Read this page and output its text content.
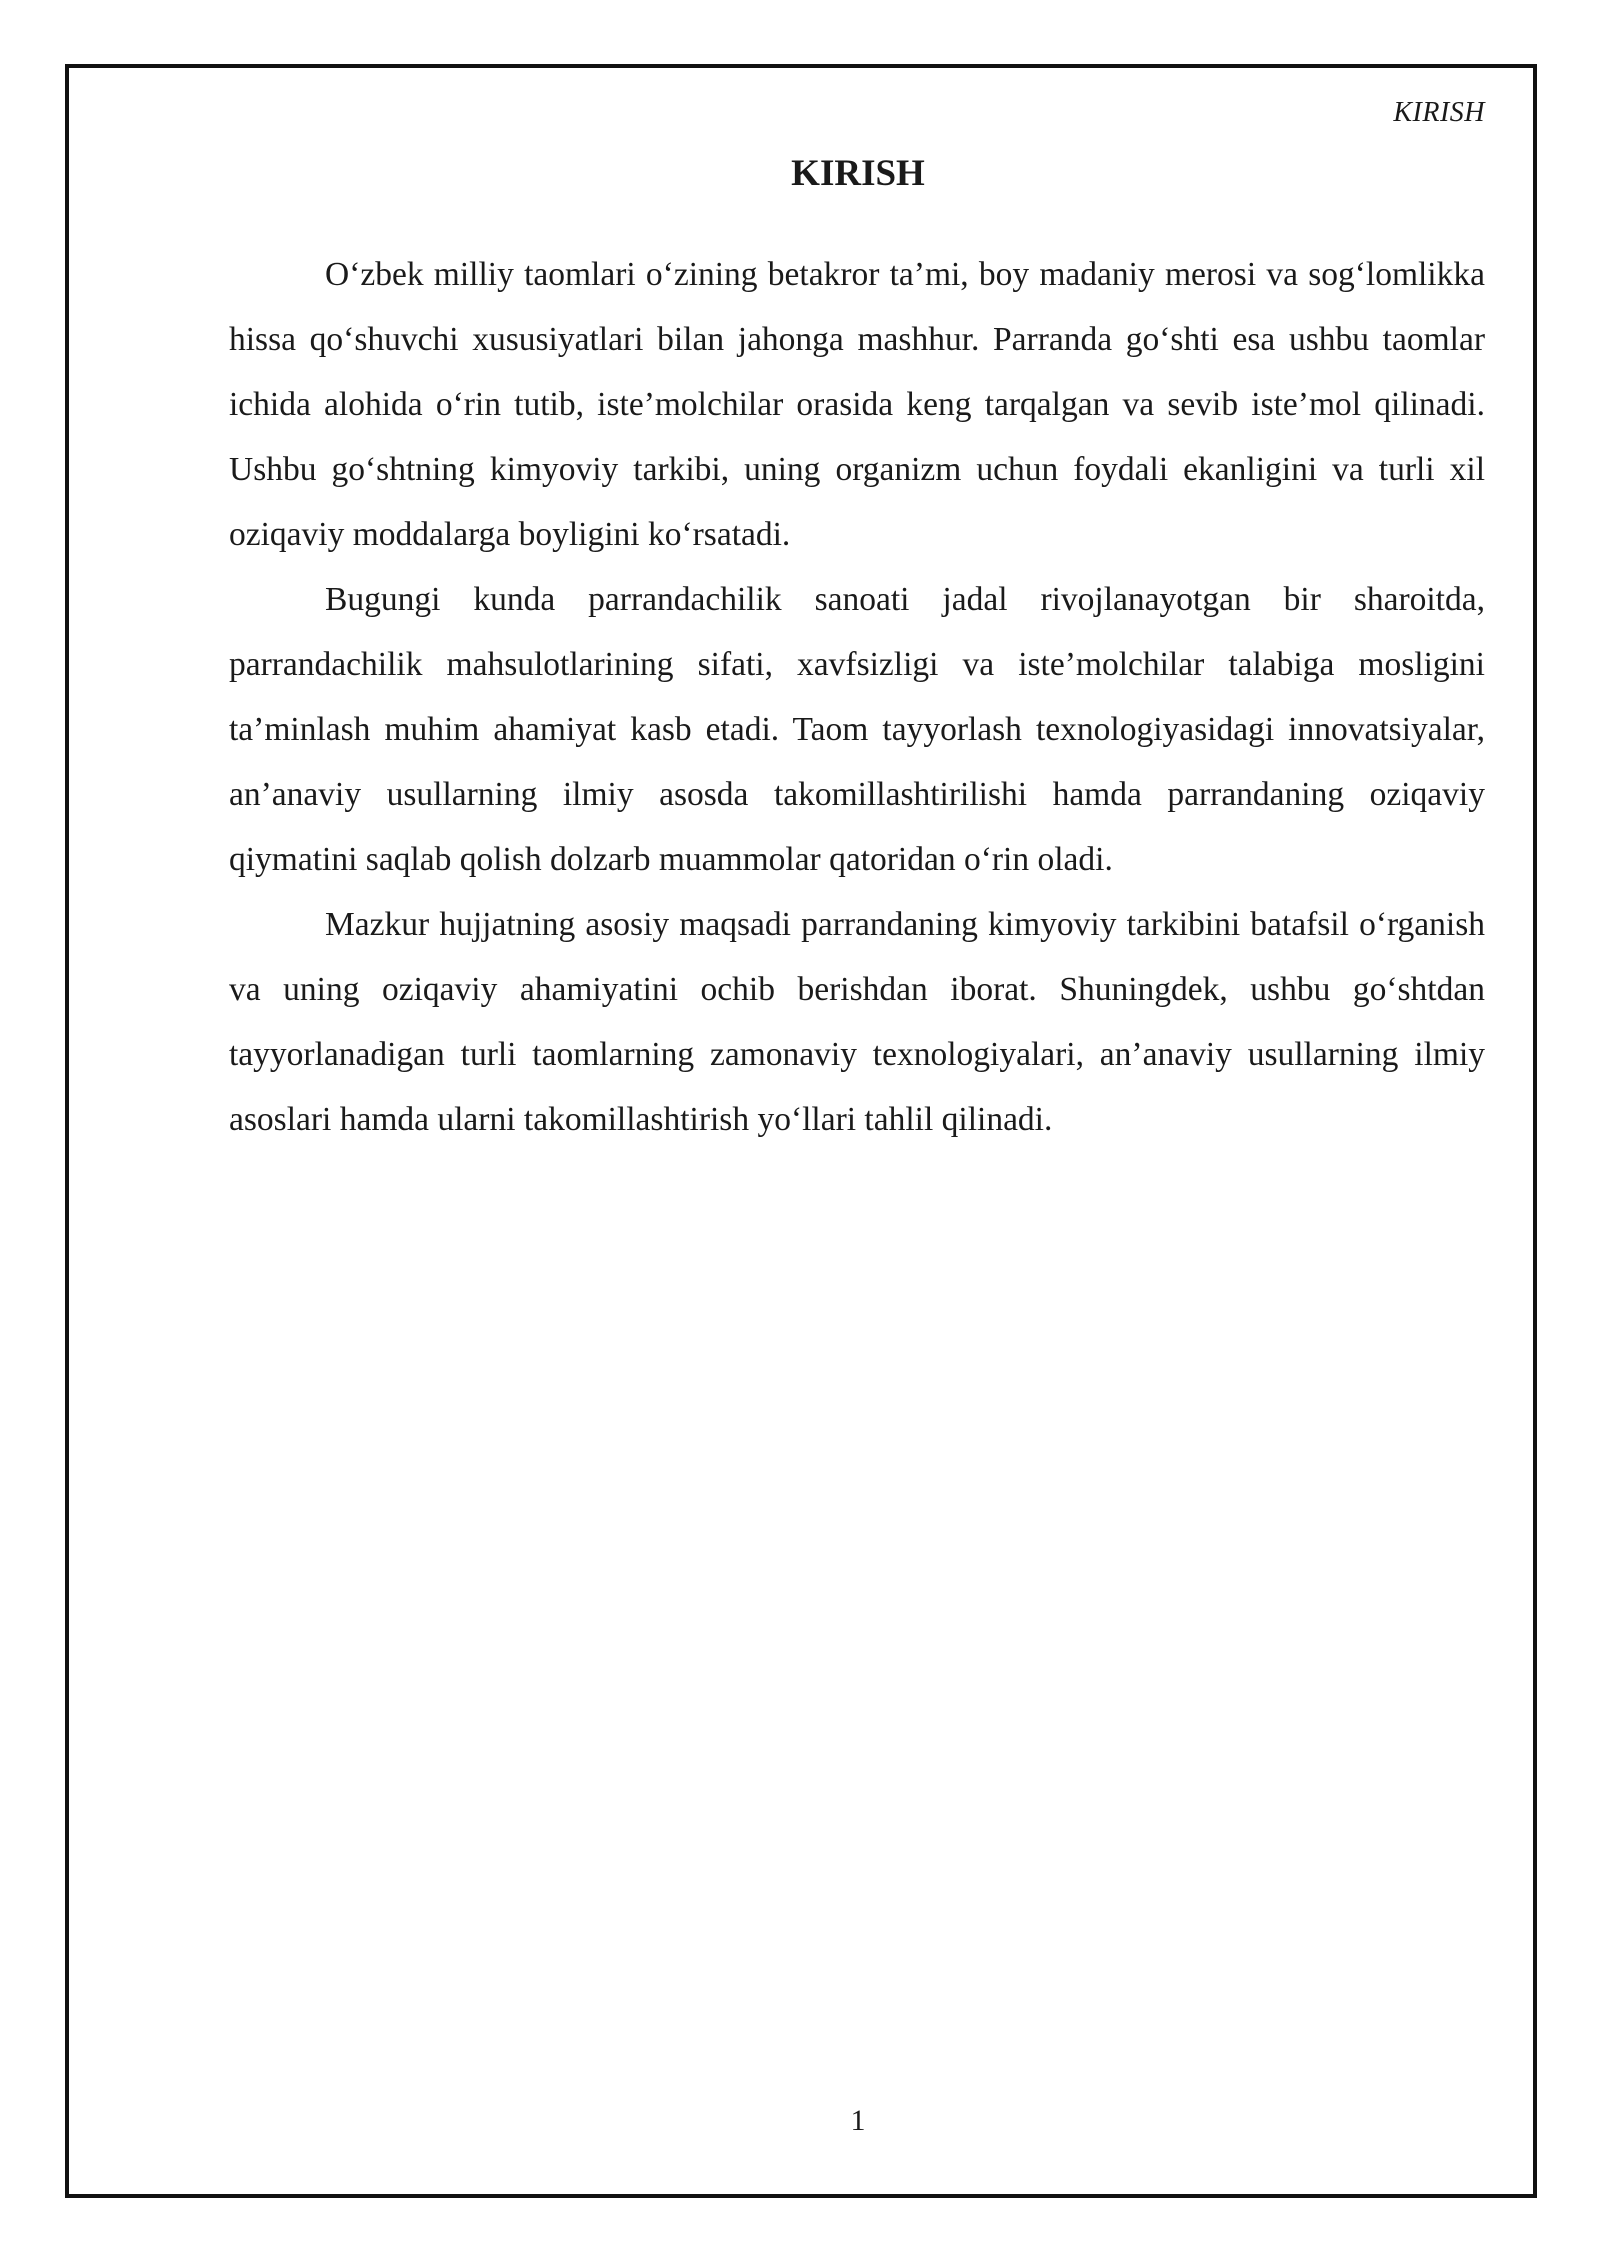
KIRISH
KIRISH

O‘zbek milliy taomlari o‘zining betakror ta’mi, boy madaniy merosi va sog‘lomlikka hissa qo‘shuvchi xususiyatlari bilan jahonga mashhur. Parranda go‘shti esa ushbu taomlar ichida alohida o‘rin tutib, iste’molchilar orasida keng tarqalgan va sevib iste’mol qilinadi. Ushbu go‘shtning kimyoviy tarkibi, uning organizm uchun foydali ekanligini va turli xil oziqaviy moddalarga boyligini ko‘rsatadi.

Bugungi kunda parrandachilik sanoati jadal rivojlanayotgan bir sharoitda, parrandachilik mahsulotlarining sifati, xavfsizligi va iste’molchilar talabiga mosligini ta’minlash muhim ahamiyat kasb etadi. Taom tayyorlash texnologiyasidagi innovatsiyalar, an’anaviy usullarning ilmiy asosda takomillashtirilishi hamda parrandaning oziqaviy qiymatini saqlab qolish dolzarb muammolar qatoridan o‘rin oladi.

Mazkur hujjatning asosiy maqsadi parrandaning kimyoviy tarkibini batafsil o‘rganish va uning oziqaviy ahamiyatini ochib berishdan iborat. Shuningdek, ushbu go‘shtdan tayyorlanadigan turli taomlarning zamonaviy texnologiyalari, an’anaviy usullarning ilmiy asoslari hamda ularni takomillashtirish yo‘llari tahlil qilinadi.

1
